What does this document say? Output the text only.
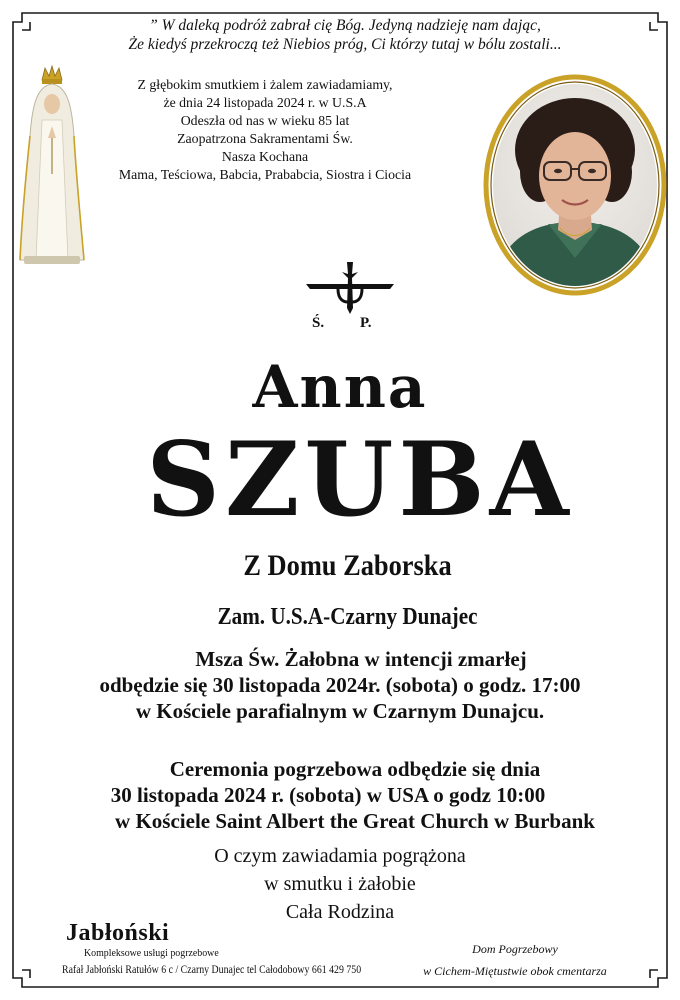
” W daleką podróż zabrał cię Bóg. Jedyną nadzieję nam dając,
Że kiedyś przekroczą też Niebios próg, Ci którzy tutaj w bólu zostali...
Z głębokim smutkiem i żalem zawiadamiamy,
że dnia 24 listopada 2024 r. w U.S.A
Odeszła od nas w wieku 85 lat
Zaopatrzona Sakramentami Św.
Nasza Kochana
Mama, Teściowa, Babcia, Prababcia, Siostra i Ciocia
Ś. P.
Anna
SZUBA
Z Domu Zaborska
Zam. U.S.A-Czarny Dunajec
Msza Św. Żałobna w intencji zmarłej
odbędzie się 30 listopada 2024r. (sobota) o godz. 17:00
w Kościele parafialnym w Czarnym Dunajcu.
Ceremonia pogrzebowa odbędzie się dnia
30 listopada 2024 r. (sobota) w USA o godz 10:00
w Kościele Saint Albert the Great Church w Burbank
O czym zawiadamia pogrążona
w smutku i żałobie
Cała Rodzina
Jabłoński
Kompleksowe usługi pogrzebowe
Rafał Jabłoński Ratułów 6 c / Czarny Dunajec tel Całodobowy 661 429 750
Dom Pogrzebowy
w Cichem-Miętustwie obok cmentarza
